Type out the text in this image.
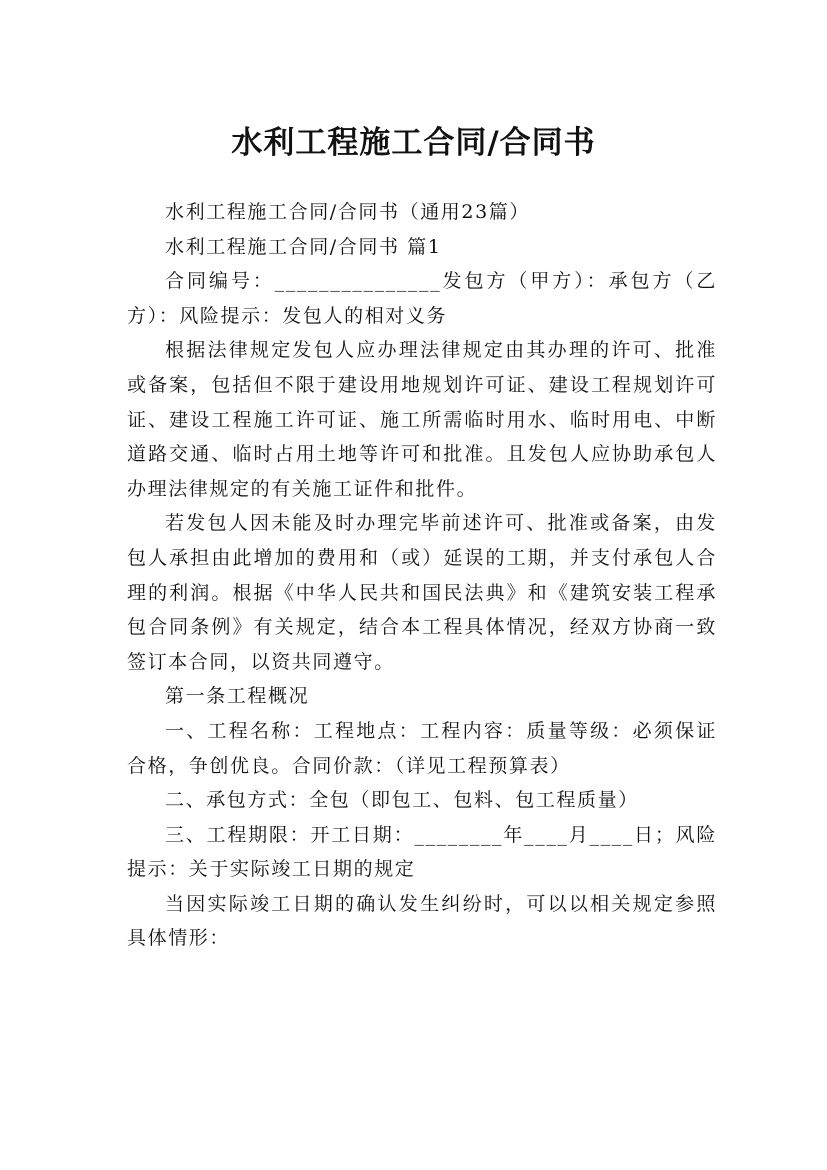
水利工程施工合同/合同书

水利工程施工合同/合同书（通用23篇）

水利工程施工合同/合同书 篇1

合同编号：_______________发包方（甲方）：承包方（乙方）：风险提示：发包人的相对义务

根据法律规定发包人应办理法律规定由其办理的许可、批准或备案，包括但不限于建设用地规划许可证、建设工程规划许可证、建设工程施工许可证、施工所需临时用水、临时用电、中断道路交通、临时占用土地等许可和批准。且发包人应协助承包人办理法律规定的有关施工证件和批件。

若发包人因未能及时办理完毕前述许可、批准或备案，由发包人承担由此增加的费用和（或）延误的工期，并支付承包人合理的利润。根据《中华人民共和国民法典》和《建筑安装工程承包合同条例》有关规定，结合本工程具体情况，经双方协商一致签订本合同，以资共同遵守。

第一条工程概况

一、工程名称：工程地点：工程内容：质量等级：必须保证合格，争创优良。合同价款：（详见工程预算表）

二、承包方式：全包（即包工、包料、包工程质量）

三、工程期限：开工日期：________年____月____日；风险提示：关于实际竣工日期的规定

当因实际竣工日期的确认发生纠纷时，可以以相关规定参照具体情形：
